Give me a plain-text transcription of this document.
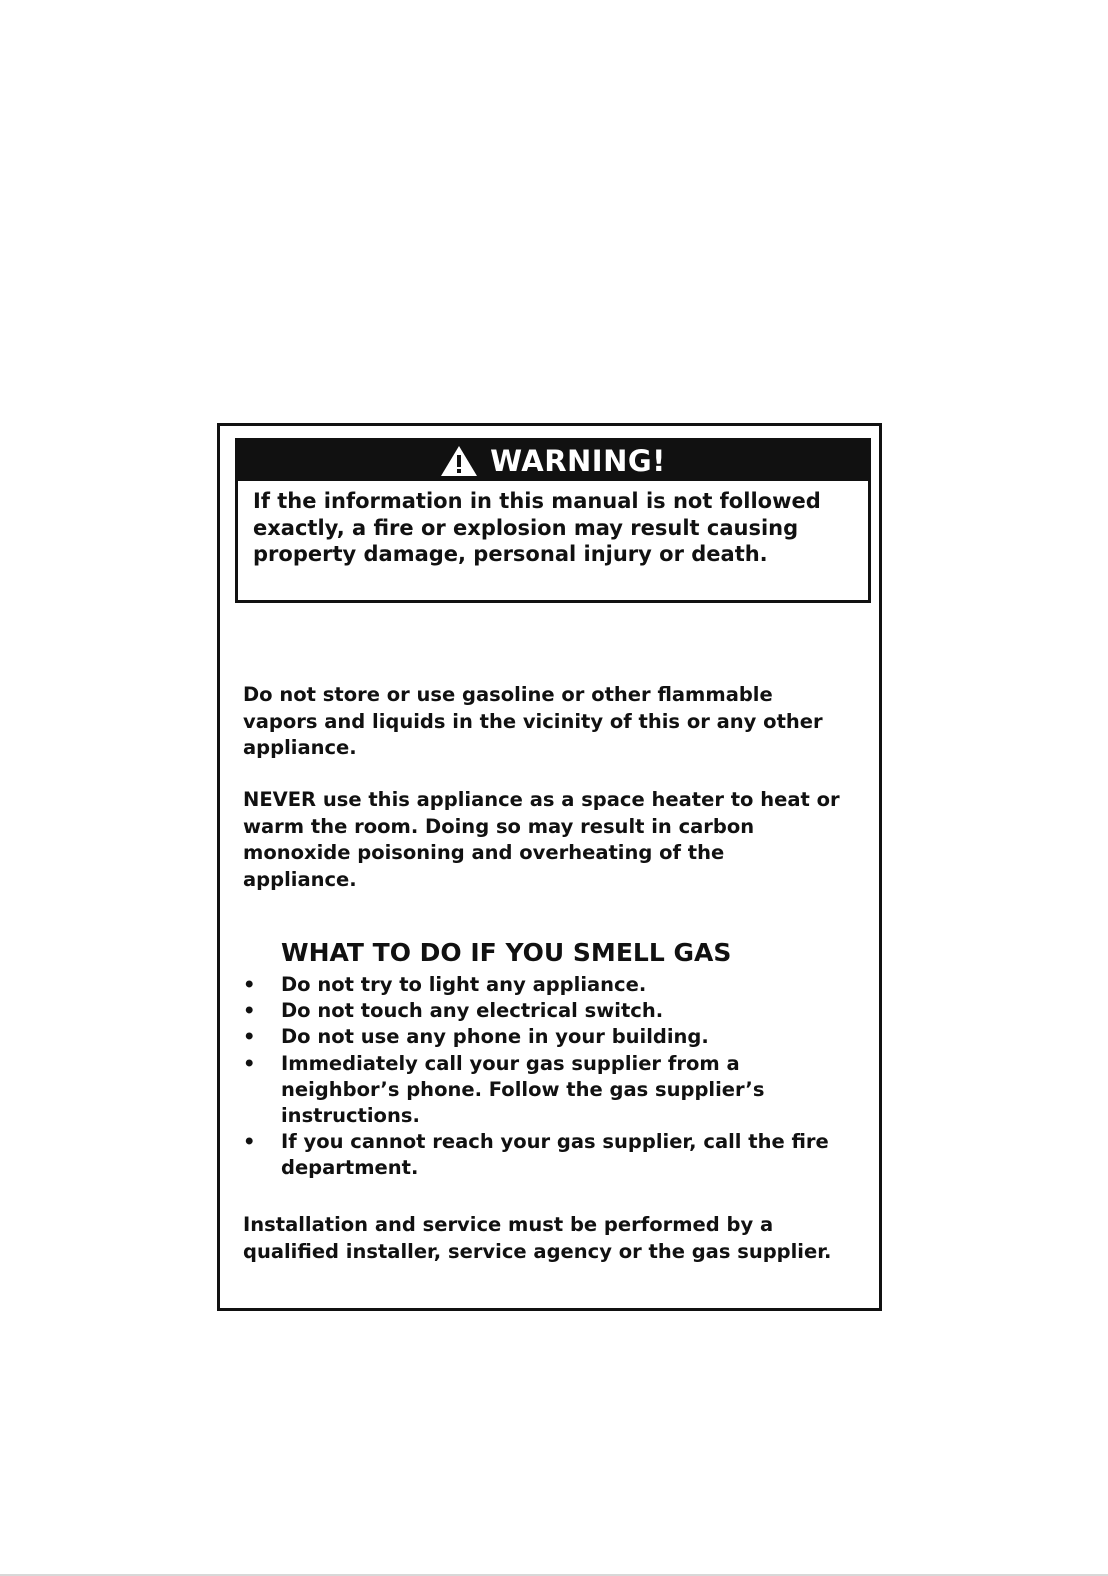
WARNING!

If the information in this manual is not followed exactly, a fire or explosion may result causing property damage, personal injury or death.

Do not store or use gasoline or other flammable vapors and liquids in the vicinity of this or any other appliance.

NEVER use this appliance as a space heater to heat or warm the room. Doing so may result in carbon monoxide poisoning and overheating of the appliance.

WHAT TO DO IF YOU SMELL GAS
•	Do not try to light any appliance.
•	Do not touch any electrical switch.
•	Do not use any phone in your building.
•	Immediately call your gas supplier from a neighbor’s phone. Follow the gas supplier’s instructions.
•	If you cannot reach your gas supplier, call the fire department.

Installation and service must be performed by a qualified installer, service agency or the gas supplier.
